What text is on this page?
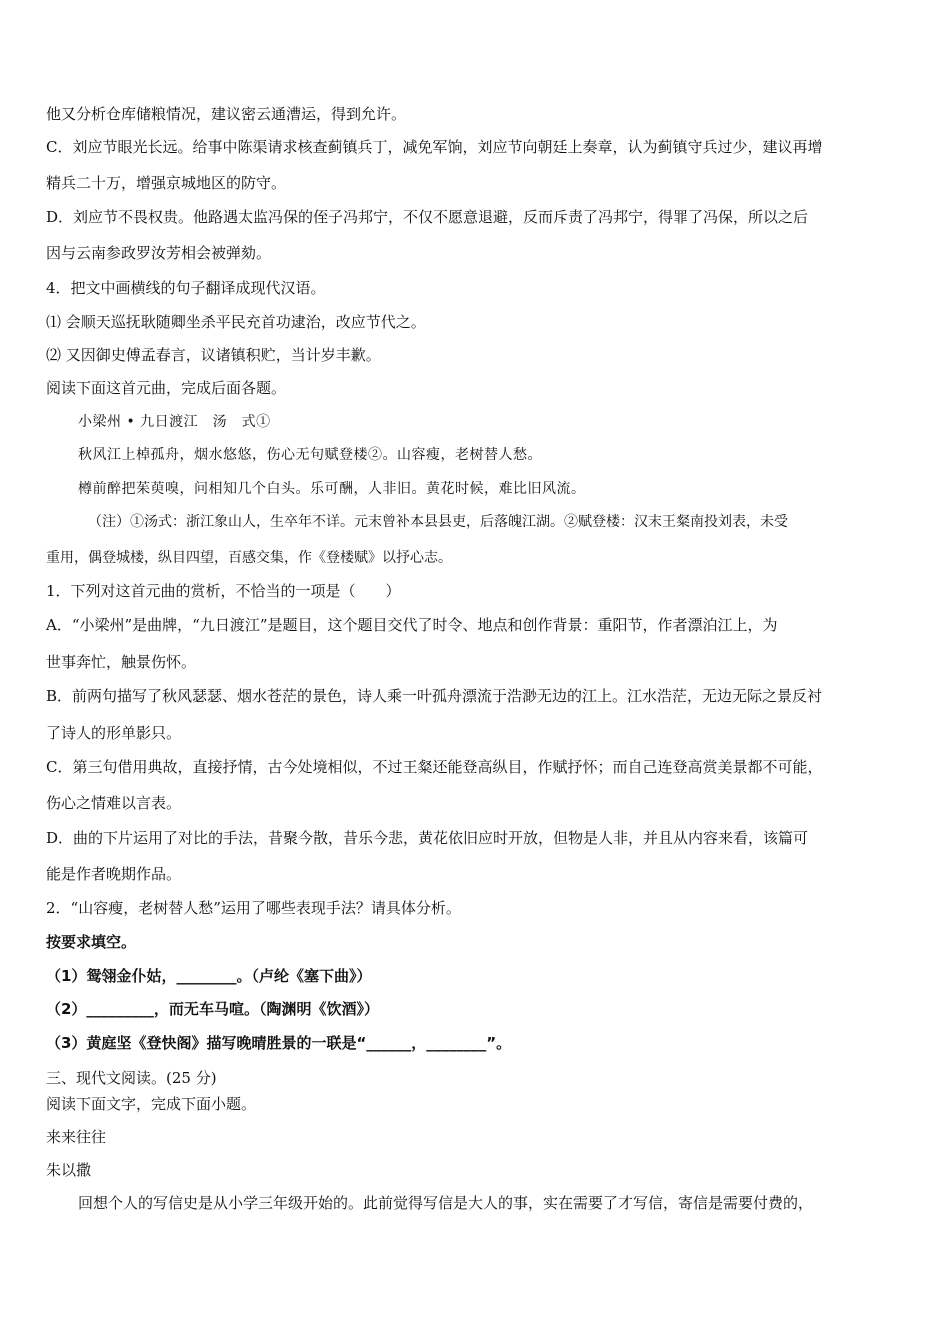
他又分析仓库储粮情况，建议密云通漕运，得到允许。
C．刘应节眼光长远。给事中陈渠请求核查蓟镇兵丁，减免军饷，刘应节向朝廷上奏章，认为蓟镇守兵过少，建议再增
精兵二十万，增强京城地区的防守。
D．刘应节不畏权贵。他路遇太监冯保的侄子冯邦宁，不仅不愿意退避，反而斥责了冯邦宁，得罪了冯保，所以之后
因与云南参政罗汝芳相会被弹劾。
4．把文中画横线的句子翻译成现代汉语。
⑴ 会顺天巡抚耿随卿坐杀平民充首功逮治，改应节代之。
⑵ 又因御史傅孟春言，议诸镇积贮，当计岁丰歉。
阅读下面这首元曲，完成后面各题。
小梁州 • 九日渡江　汤　式①
秋风江上棹孤舟，烟水悠悠，伤心无句赋登楼②。山容瘦，老树替人愁。
樽前醉把茱萸嗅，问相知几个白头。乐可酬，人非旧。黄花时候，难比旧风流。
（注）①汤式：浙江象山人，生卒年不详。元末曾补本县县吏，后落魄江湖。②赋登楼：汉末王粲南投刘表，未受
重用，偶登城楼，纵目四望，百感交集，作《登楼赋》以抒心志。
1．下列对这首元曲的赏析，不恰当的一项是（　　）
A．“小梁州”是曲牌，“九日渡江”是题目，这个题目交代了时令、地点和创作背景：重阳节，作者漂泊江上，为
世事奔忙，触景伤怀。
B．前两句描写了秋风瑟瑟、烟水苍茫的景色，诗人乘一叶孤舟漂流于浩渺无边的江上。江水浩茫，无边无际之景反衬
了诗人的形单影只。
C．第三句借用典故，直接抒情，古今处境相似，不过王粲还能登高纵目，作赋抒怀；而自己连登高赏美景都不可能，
伤心之情难以言表。
D．曲的下片运用了对比的手法，昔聚今散，昔乐今悲，黄花依旧应时开放，但物是人非，并且从内容来看，该篇可
能是作者晚期作品。
2．“山容瘦，老树替人愁”运用了哪些表现手法？请具体分析。
按要求填空。
（1）鸳翎金仆姑，________。（卢纶《塞下曲》）
（2）_________，而无车马喧。（陶渊明《饮酒》）
（3）黄庭坚《登快阁》描写晚晴胜景的一联是“______，________”。
三、现代文阅读。(25 分)
阅读下面文字，完成下面小题。
来来往往
朱以撒
回想个人的写信史是从小学三年级开始的。此前觉得写信是大人的事，实在需要了才写信，寄信是需要付费的，
